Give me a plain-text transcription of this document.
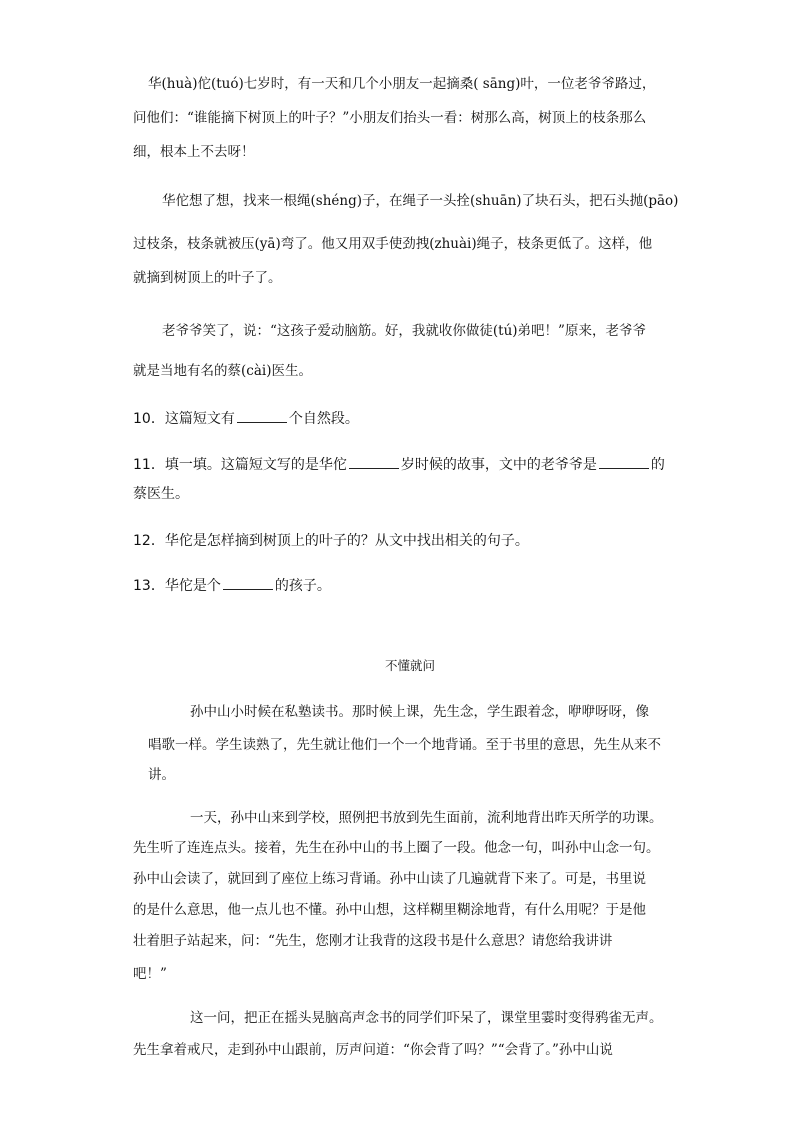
华(huà)佗(tuó)七岁时，有一天和几个小朋友一起摘桑( sāng)叶，一位老爷爷路过，
问他们：“谁能摘下树顶上的叶子？”小朋友们抬头一看：树那么高，树顶上的枝条那么
细，根本上不去呀！
华佗想了想，找来一根绳(shéng)子，在绳子一头拴(shuān)了块石头，把石头抛(pāo)
过枝条，枝条就被压(yā)弯了。他又用双手使劲拽(zhuài)绳子，枝条更低了。这样，他
就摘到树顶上的叶子了。
老爷爷笑了，说：“这孩子爱动脑筋。好，我就收你做徒(tú)弟吧！”原来，老爷爷
就是当地有名的蔡(cài)医生。
10．这篇短文有	个自然段。
11．填一填。这篇短文写的是华佗	岁时候的故事，文中的老爷爷是	的
蔡医生。
12．华佗是怎样摘到树顶上的叶子的？从文中找出相关的句子。
13．华佗是个	的孩子。
不懂就问
孙中山小时候在私塾读书。那时候上课，先生念，学生跟着念，咿咿呀呀，像
唱歌一样。学生读熟了，先生就让他们一个一个地背诵。至于书里的意思，先生从来不
讲。
一天，孙中山来到学校，照例把书放到先生面前，流利地背出昨天所学的功课。
先生听了连连点头。接着，先生在孙中山的书上圈了一段。他念一句，叫孙中山念一句。
孙中山会读了，就回到了座位上练习背诵。孙中山读了几遍就背下来了。可是，书里说
的是什么意思，他一点儿也不懂。孙中山想，这样糊里糊涂地背，有什么用呢？于是他
壮着胆子站起来，问：“先生，您刚才让我背的这段书是什么意思？请您给我讲讲
吧！”
这一问，把正在摇头晃脑高声念书的同学们吓呆了，课堂里霎时变得鸦雀无声。
先生拿着戒尺，走到孙中山跟前，厉声问道：“你会背了吗？”“会背了。”孙中山说
